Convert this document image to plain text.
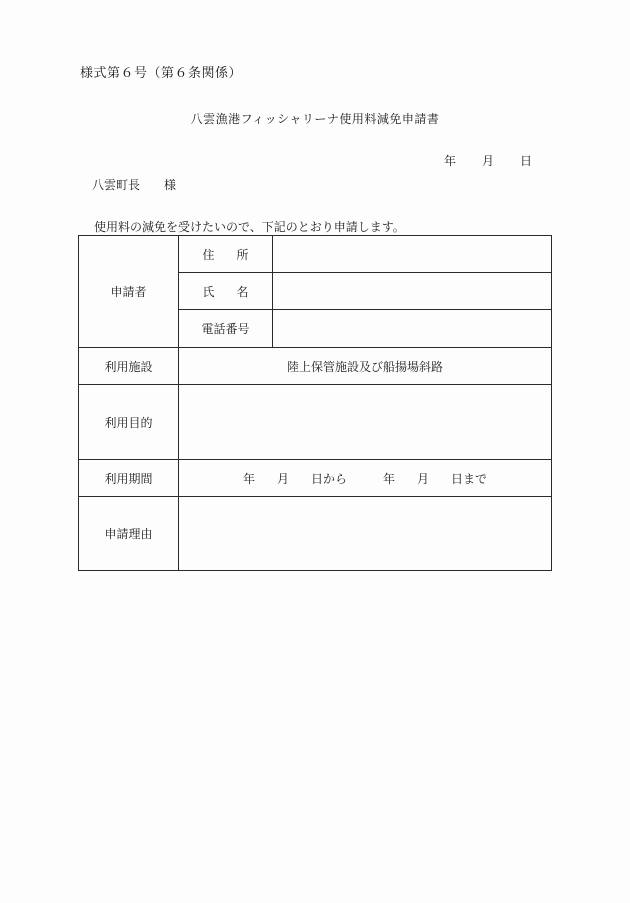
様式第６号（第６条関係）
八雲漁港フィッシャリーナ使用料減免申請書
年 月 日
八雲町長 様
使用料の減免を受けたいので、下記のとおり申請します。
申請者	住 所	
	氏 名	
	電話番号	
利用施設	陸上保管施設及び船揚場斜路	
利用目的		
利用期間	年 月 日から 年 月 日まで	
申請理由		
